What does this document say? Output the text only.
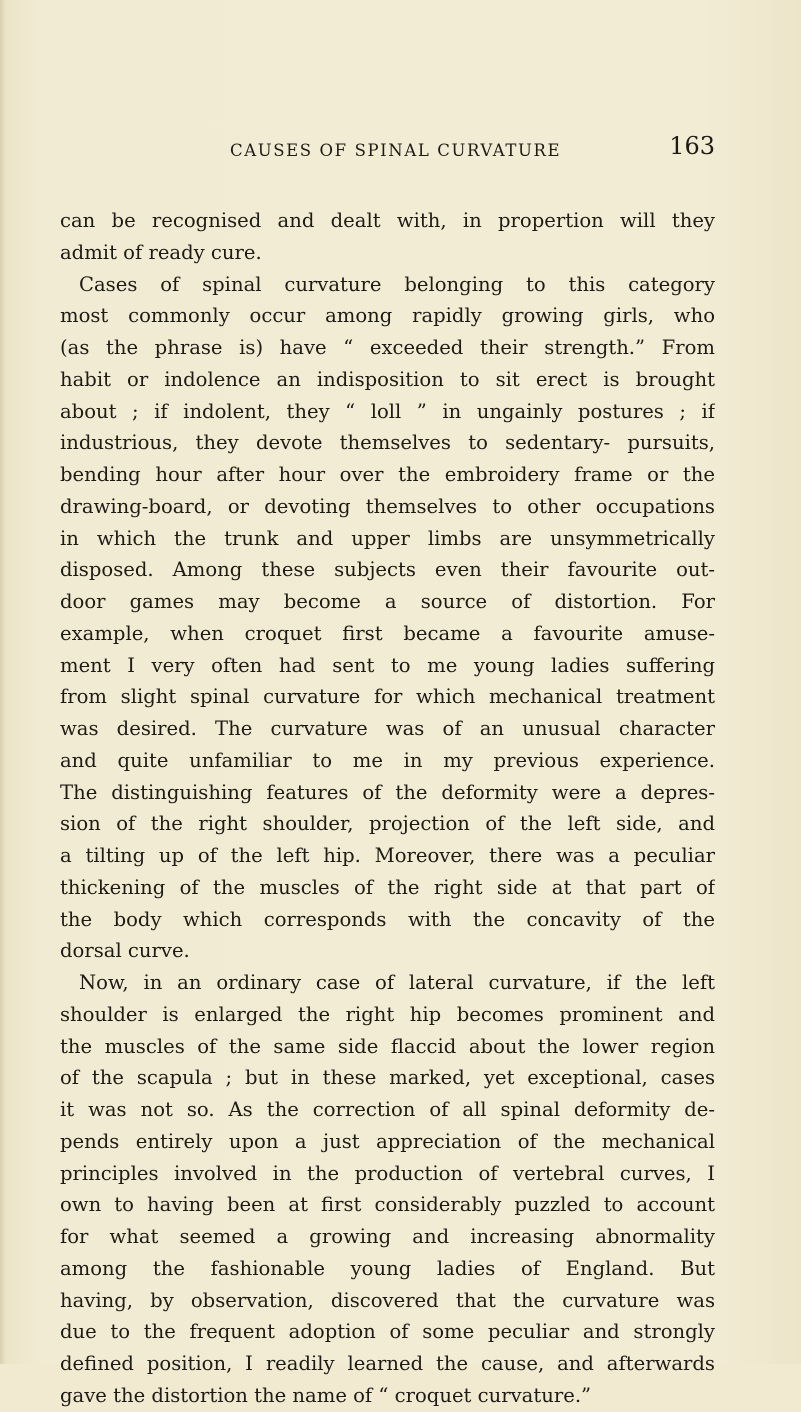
CAUSES OF SPINAL CURVATURE	163
can be recognised and dealt with, in propertion will they
admit of ready cure.
Cases of spinal curvature belonging to this category
most commonly occur among rapidly growing girls, who
(as the phrase is) have “ exceeded their strength.” From
habit or indolence an indisposition to sit erect is brought
about ; if indolent, they “ loll ” in ungainly postures ; if
industrious, they devote themselves to sedentary- pursuits,
bending hour after hour over the embroidery frame or the
drawing-board, or devoting themselves to other occupations
in which the trunk and upper limbs are unsymmetrically
disposed. Among these subjects even their favourite out-
door games may become a source of distortion. For
example, when croquet first became a favourite amuse-
ment I very often had sent to me young ladies suffering
from slight spinal curvature for which mechanical treatment
was desired. The curvature was of an unusual character
and quite unfamiliar to me in my previous experience.
The distinguishing features of the deformity were a depres-
sion of the right shoulder, projection of the left side, and
a tilting up of the left hip. Moreover, there was a peculiar
thickening of the muscles of the right side at that part of
the body which corresponds with the concavity of the
dorsal curve.
Now, in an ordinary case of lateral curvature, if the left
shoulder is enlarged the right hip becomes prominent and
the muscles of the same side flaccid about the lower region
of the scapula ; but in these marked, yet exceptional, cases
it was not so. As the correction of all spinal deformity de-
pends entirely upon a just appreciation of the mechanical
principles involved in the production of vertebral curves, I
own to having been at first considerably puzzled to account
for what seemed a growing and increasing abnormality
among the fashionable young ladies of England. But
having, by observation, discovered that the curvature was
due to the frequent adoption of some peculiar and strongly
defined position, I readily learned the cause, and afterwards
gave the distortion the name of “ croquet curvature.”
